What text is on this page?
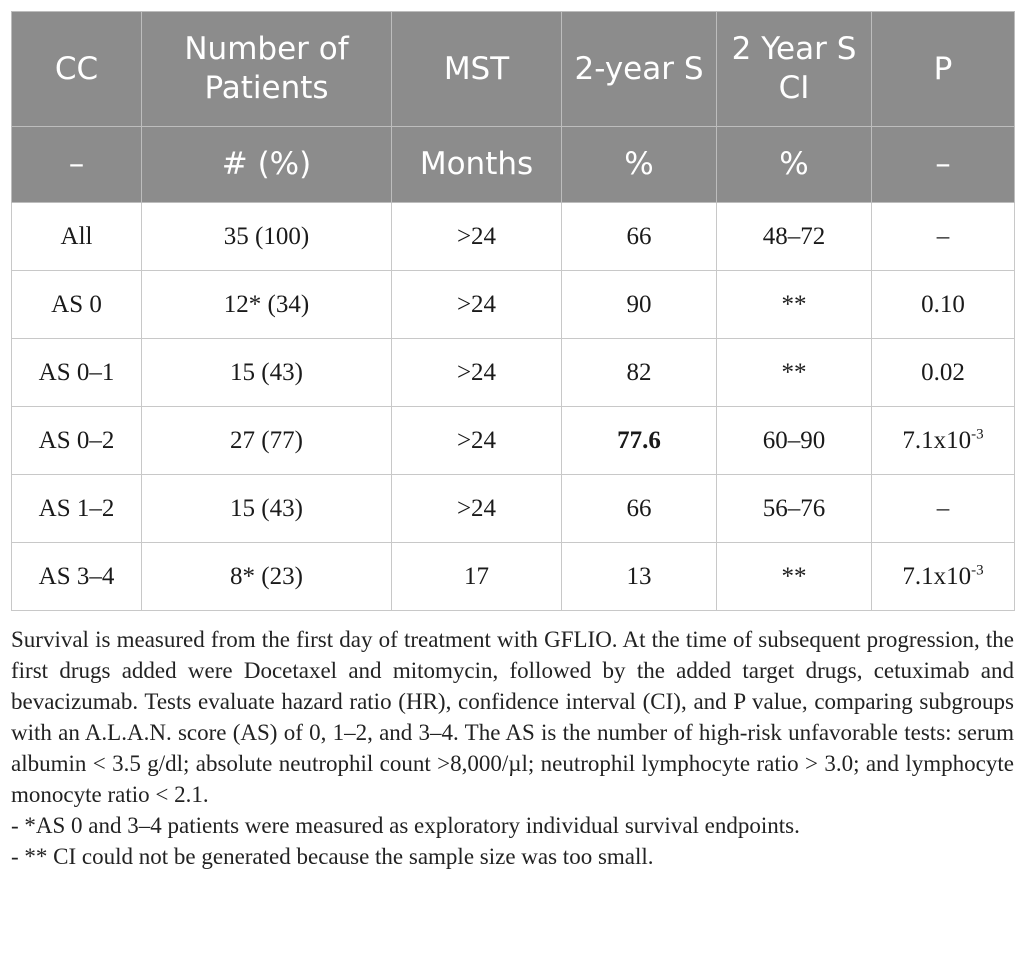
CC	Number of Patients	MST	2-year S	2 Year S CI	P
–	# (%)	Months	%	%	–
All	35 (100)	>24	66	48–72	–
AS 0	12* (34)	>24	90	**	0.10
AS 0–1	15 (43)	>24	82	**	0.02
AS 0–2	27 (77)	>24	77.6	60–90	$7.1x10^{-3}$
AS 1–2	15 (43)	>24	66	56–76	–
AS 3–4	8* (23)	17	13	**	$7.1x10^{-3}$

Survival is measured from the first day of treatment with GFLIO. At the time of subsequent progression, the first drugs added were Docetaxel and mitomycin, followed by the added target drugs, cetuximab and bevacizumab. Tests evaluate hazard ratio (HR), confidence interval (CI), and P value, comparing subgroups with an A.L.A.N. score (AS) of 0, 1–2, and 3–4. The AS is the number of high-risk unfavorable tests: serum albumin < 3.5 g/dl; absolute neutrophil count >8,000/µl; neutrophil lymphocyte ratio > 3.0; and lymphocyte monocyte ratio < 2.1.

- *AS 0 and 3–4 patients were measured as exploratory individual survival endpoints.

- ** CI could not be generated because the sample size was too small.
